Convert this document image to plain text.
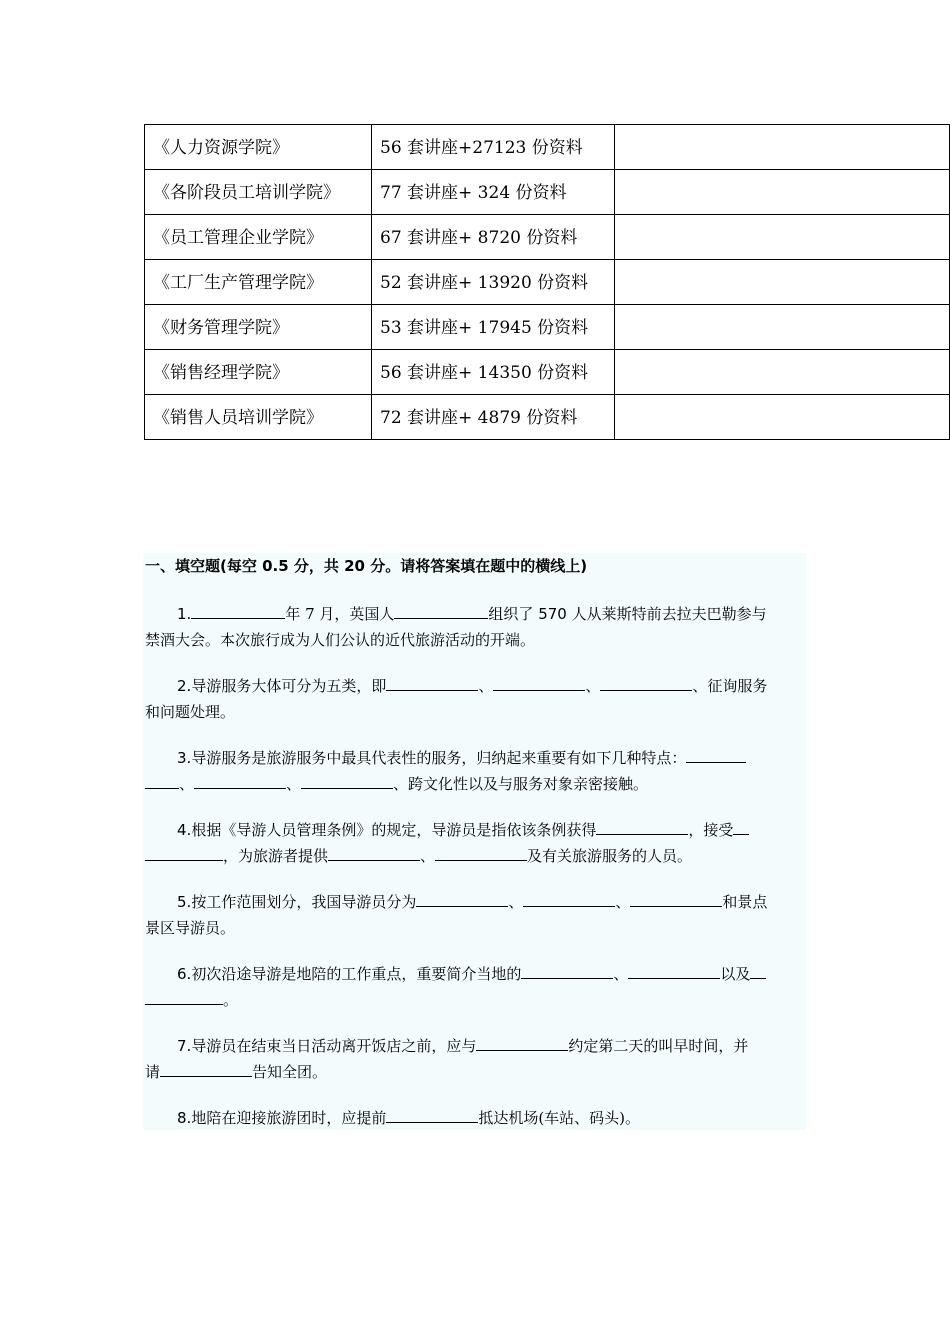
《人力资源学院》	56 套讲座+27123 份资料	
《各阶段员工培训学院》	77 套讲座+ 324 份资料	
《员工管理企业学院》	67 套讲座+ 8720 份资料	
《工厂生产管理学院》	52 套讲座+ 13920 份资料	
《财务管理学院》	53 套讲座+ 17945 份资料	
《销售经理学院》	56 套讲座+ 14350 份资料	
《销售人员培训学院》	72 套讲座+ 4879 份资料	
一、填空题(每空 0.5 分，共 20 分。请将答案填在题中的横线上)
1.	年 7 月，英国人	组织了 570 人从莱斯特前去拉夫巴勒参与
禁酒大会。本次旅行成为人们公认的近代旅游活动的开端。
2.导游服务大体可分为五类，即	、	、	、征询服务
和问题处理。
3.导游服务是旅游服务中最具代表性的服务，归纳起来重要有如下几种特点：
、	、	、跨文化性以及与服务对象亲密接触。
4.根据《导游人员管理条例》的规定，导游员是指依该条例获得	，接受
，为旅游者提供	、	及有关旅游服务的人员。
5.按工作范围划分，我国导游员分为	、	、	和景点
景区导游员。
6.初次沿途导游是地陪的工作重点，重要简介当地的	、	以及
。
7.导游员在结束当日活动离开饭店之前，应与	约定第二天的叫早时间，并
请	告知全团。
8.地陪在迎接旅游团时，应提前	抵达机场(车站、码头)。
